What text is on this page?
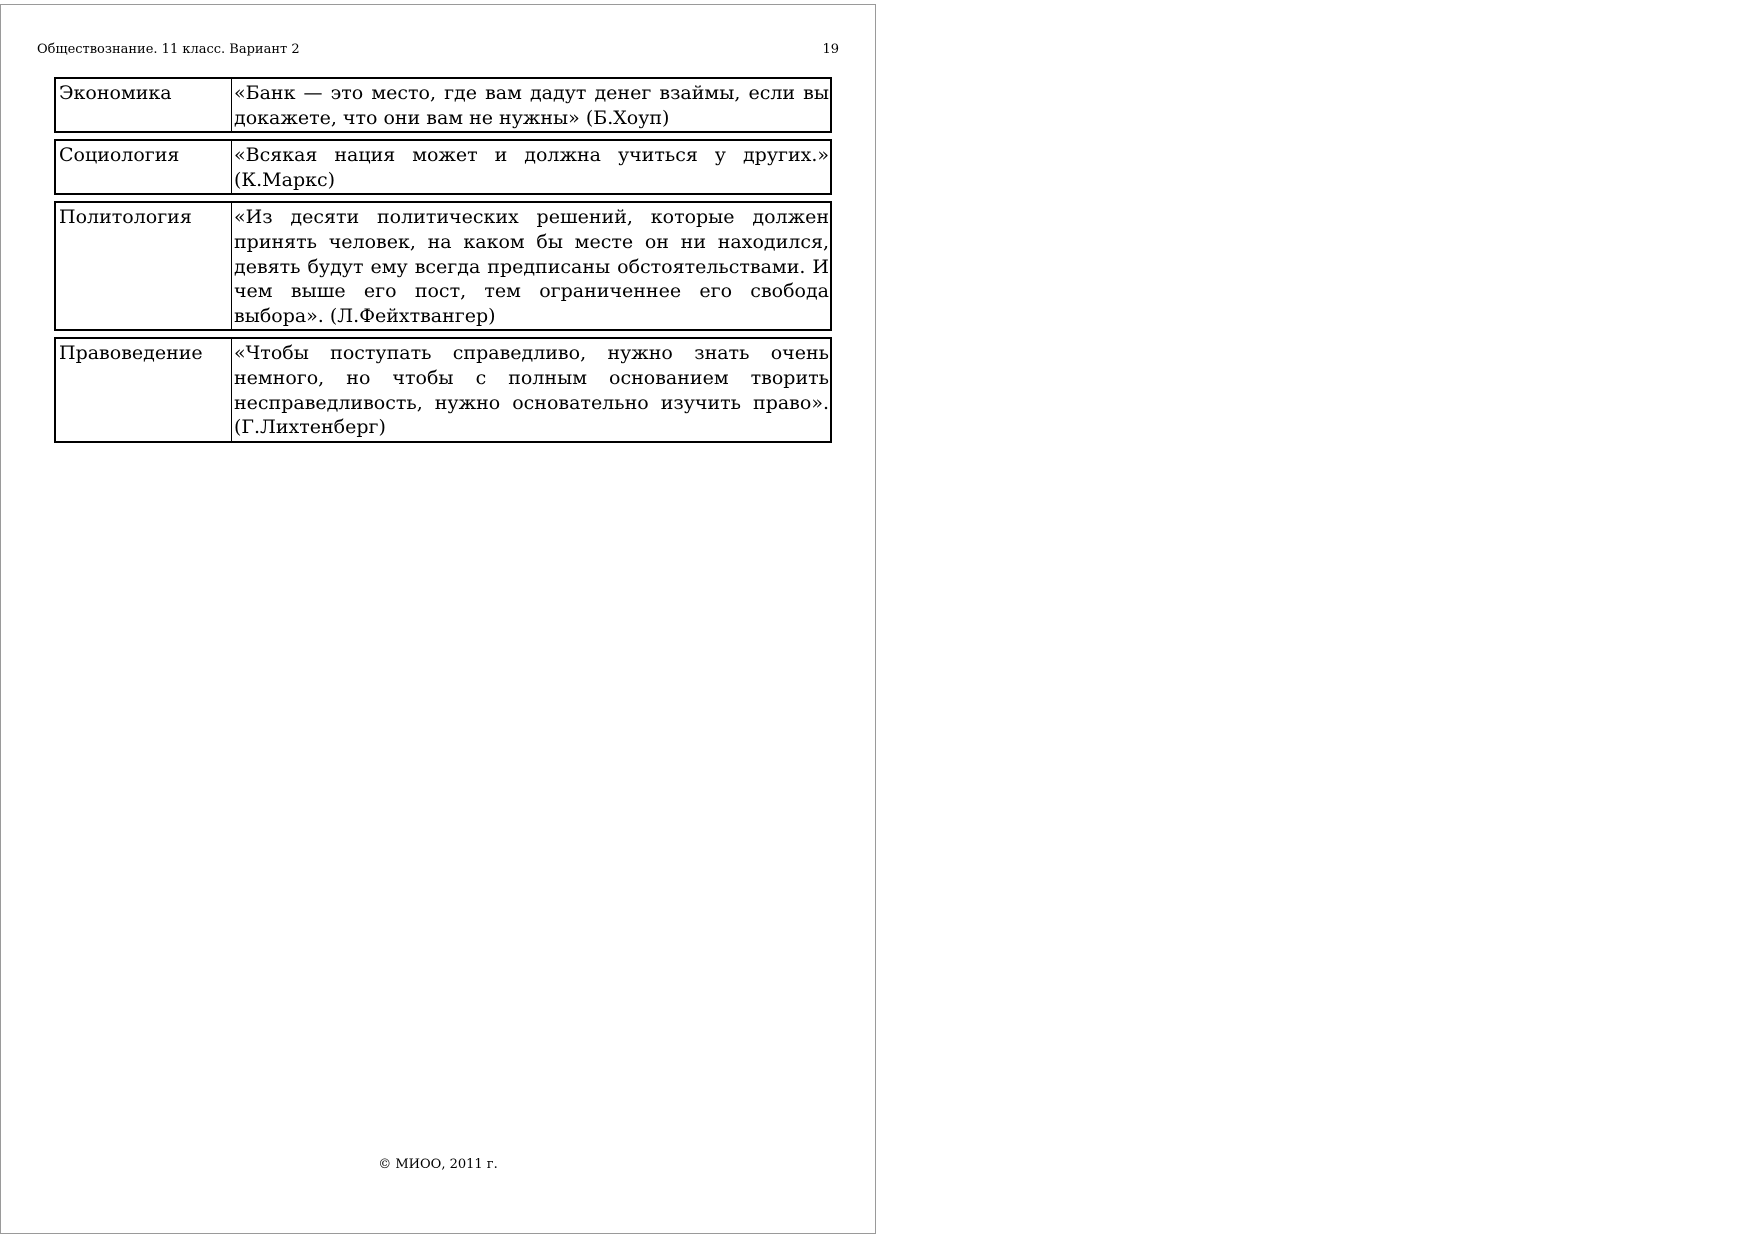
Обществознание. 11 класс. Вариант 2	19
Экономика	«Банк — это место, где вам дадут денег взаймы, если вы докажете, что они вам не нужны» (Б.Хоуп)
Социология	«Всякая нация может и должна учиться у других.» (К.Маркс)
Политология	«Из десяти политических решений, которые должен принять человек, на каком бы месте он ни находился, девять будут ему всегда предписаны обстоятельствами. И чем выше его пост, тем ограниченнее его свобода выбора». (Л.Фейхтвангер)
Правоведение	«Чтобы поступать справедливо, нужно знать очень немного, но чтобы с полным основанием творить несправедливость, нужно основательно изучить право». (Г.Лихтенберг)
© МИОО, 2011 г.
